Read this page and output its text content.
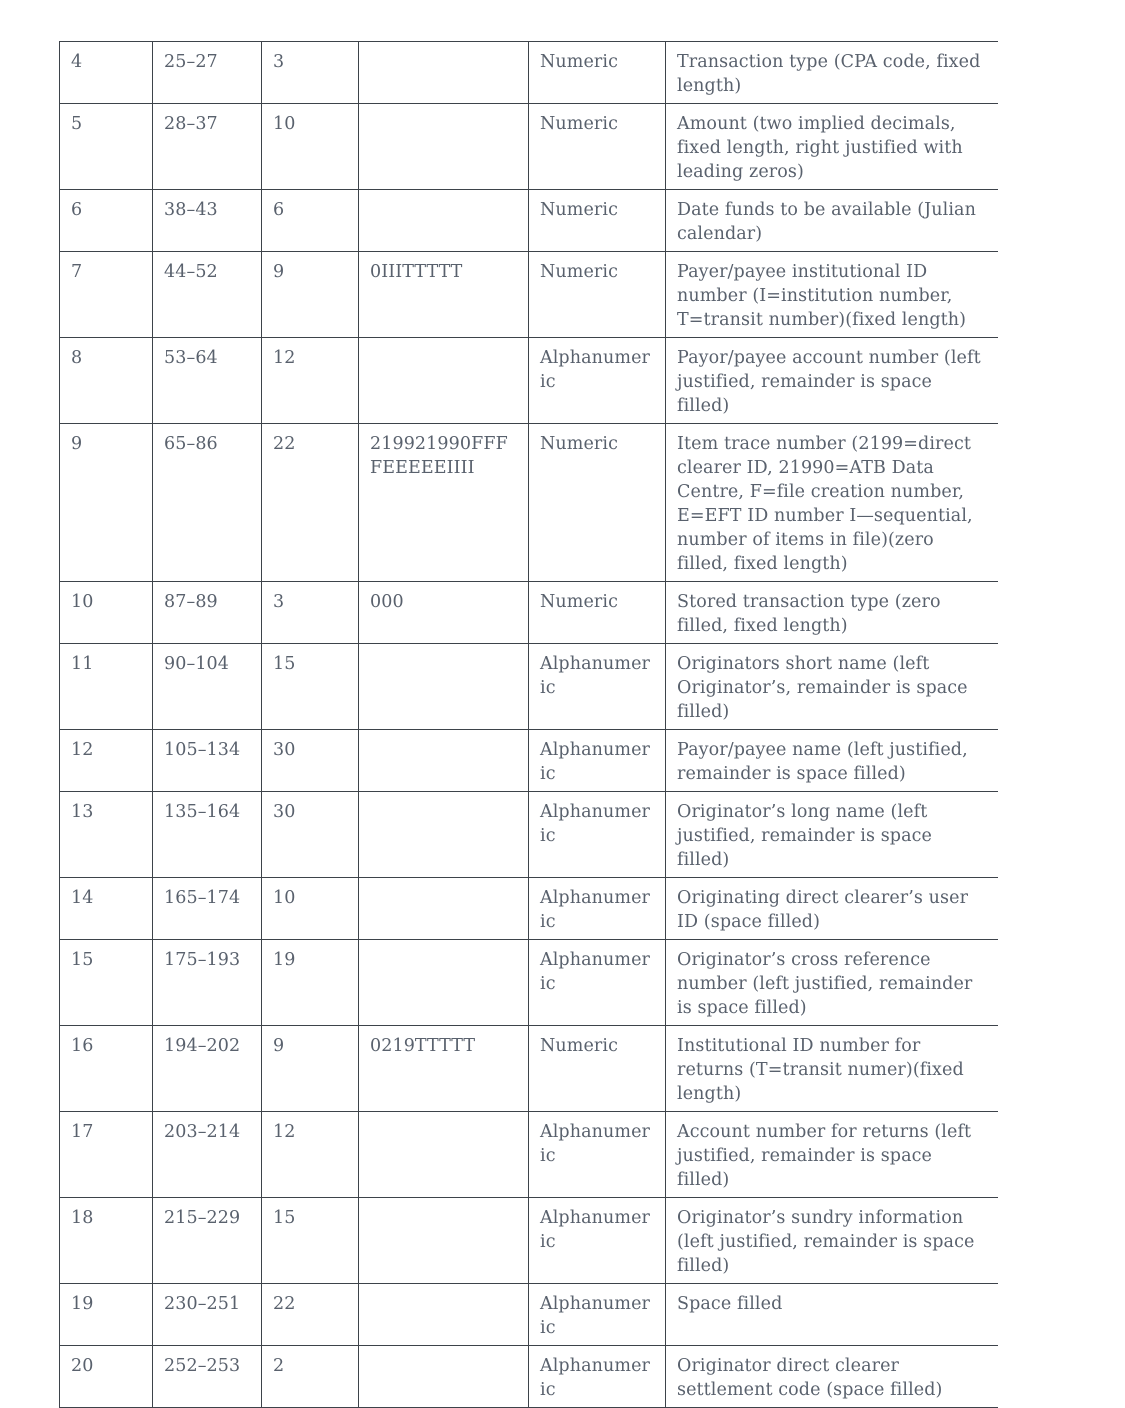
4	25–27	3		Numeric	Transaction type (CPA code, fixed length)
5	28–37	10		Numeric	Amount (two implied decimals, fixed length, right justified with leading zeros)
6	38–43	6		Numeric	Date funds to be available (Julian calendar)
7	44–52	9	0IIITTTTT	Numeric	Payer/payee institutional ID number (I=institution number, T=transit number)(fixed length)
8	53–64	12		Alphanumeric	Payor/payee account number (left justified, remainder is space filled)
9	65–86	22	219921990FFFFEEEEEIIII	Numeric	Item trace number (2199=direct clearer ID, 21990=ATB Data Centre, F=file creation number, E=EFT ID number I—sequential, number of items in file)(zero filled, fixed length)
10	87–89	3	000	Numeric	Stored transaction type (zero filled, fixed length)
11	90–104	15		Alphanumeric	Originators short name (left Originator’s, remainder is space filled)
12	105–134	30		Alphanumeric	Payor/payee name (left justified, remainder is space filled)
13	135–164	30		Alphanumeric	Originator’s long name (left justified, remainder is space filled)
14	165–174	10		Alphanumeric	Originating direct clearer’s user ID (space filled)
15	175–193	19		Alphanumeric	Originator’s cross reference number (left justified, remainder is space filled)
16	194–202	9	0219TTTTT	Numeric	Institutional ID number for returns (T=transit numer)(fixed length)
17	203–214	12		Alphanumeric	Account number for returns (left justified, remainder is space filled)
18	215–229	15		Alphanumeric	Originator’s sundry information (left justified, remainder is space filled)
19	230–251	22		Alphanumeric	Space filled
20	252–253	2		Alphanumeric	Originator direct clearer settlement code (space filled)
